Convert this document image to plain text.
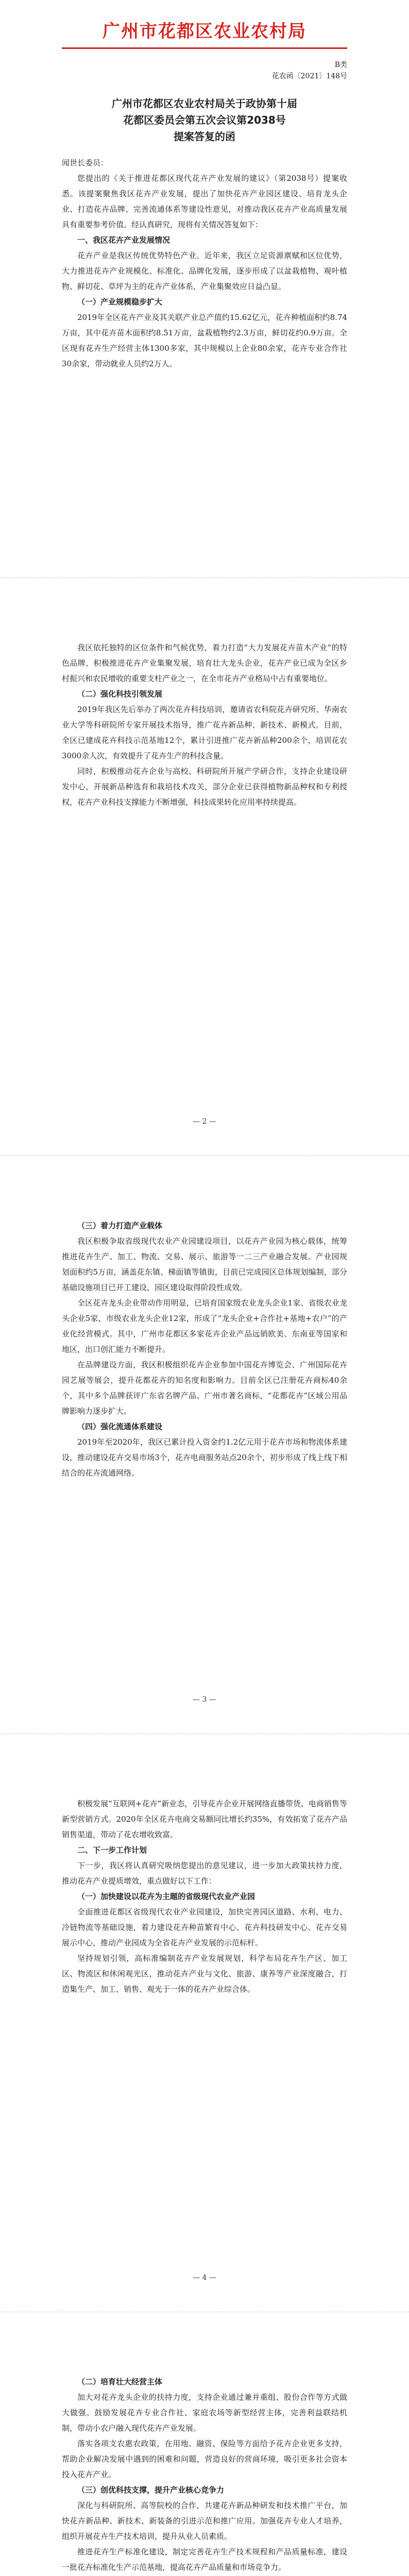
广州市花都区农业农村局
B类
花农函〔2021〕148号
广州市花都区农业农村局关于政协第十届
花都区委员会第五次会议第2038号
提案答复的函

闻世长委员：

您提出的《关于推进花都区现代花卉产业发展的建议》（第2038号）提案收悉。该提案聚焦我区花卉产业发展，提出了加快花卉产业园区建设、培育龙头企业、打造花卉品牌、完善流通体系等建设性意见，对推动我区花卉产业高质量发展具有重要参考价值。经认真研究，现将有关情况答复如下：

一、我区花卉产业发展情况

花卉产业是我区传统优势特色产业。近年来，我区立足资源禀赋和区位优势，大力推进花卉产业规模化、标准化、品牌化发展，逐步形成了以盆栽植物、观叶植物、鲜切花、草坪为主的花卉产业体系，产业集聚效应日益凸显。

（一）产业规模稳步扩大

2019年全区花卉产业及其关联产业总产值约15.62亿元，花卉种植面积约8.74万亩，其中花卉苗木面积约8.51万亩，盆栽植物约2.3万亩，鲜切花约0.9万亩。全区现有花卉生产经营主体1300多家，其中规模以上企业80余家，花卉专业合作社30余家，带动就业人员约2万人。

我区依托独特的区位条件和气候优势，着力打造“大力发展花卉苗木产业”的特色品牌，积极推进花卉产业集聚发展，培育壮大龙头企业，花卉产业已成为全区乡村振兴和农民增收的重要支柱产业之一，在全市花卉产业格局中占有重要地位。

（二）强化科技引领发展

2019年我区先后举办了两次花卉科技培训，邀请省农科院花卉研究所、华南农业大学等科研院所专家开展技术指导，推广花卉新品种、新技术、新模式。目前，全区已建成花卉科技示范基地12个，累计引进推广花卉新品种200余个，培训花农3000余人次，有效提升了花卉生产的科技含量。

同时，积极推动花卉企业与高校、科研院所开展产学研合作，支持企业建设研发中心，开展新品种选育和栽培技术攻关，部分企业已获得植物新品种权和专利授权，花卉产业科技支撑能力不断增强，科技成果转化应用率持续提高。

— 2 —

（三）着力打造产业载体

我区积极争取省级现代农业产业园建设项目，以花卉产业园为核心载体，统筹推进花卉生产、加工、物流、交易、展示、旅游等一二三产业融合发展。产业园规划面积约5万亩，涵盖花东镇、梯面镇等镇街，目前已完成园区总体规划编制，部分基础设施项目已开工建设，园区建设取得阶段性成效。

全区花卉龙头企业带动作用明显，已培育国家级农业龙头企业1家、省级农业龙头企业5家、市级农业龙头企业12家，形成了“龙头企业+合作社+基地+农户”的产业化经营模式。其中，广州市花都区多家花卉企业产品远销欧美、东南亚等国家和地区，出口创汇能力不断提升。

在品牌建设方面，我区积极组织花卉企业参加中国花卉博览会、广州国际花卉园艺展等展会，提升花都花卉的知名度和影响力。目前全区已注册花卉商标40余个，其中多个品牌获评广东省名牌产品、广州市著名商标，“花都花卉”区域公用品牌影响力逐步扩大。

（四）强化流通体系建设

2019年至2020年，我区已累计投入资金约1.2亿元用于花卉市场和物流体系建设，推动建设花卉交易市场3个，花卉电商服务站点20余个，初步形成了线上线下相结合的花卉流通网络。

— 3 —

积极发展“互联网+花卉”新业态，引导花卉企业开展网络直播带货、电商销售等新型营销方式。2020年全区花卉电商交易额同比增长约35%，有效拓宽了花卉产品销售渠道，带动了花农增收致富。

二、下一步工作计划

下一步，我区将认真研究吸纳您提出的意见建议，进一步加大政策扶持力度，推动花卉产业提质增效，重点做好以下工作：

（一）加快建设以花卉为主题的省级现代农业产业园

全面推进花都区省级现代农业产业园建设，加快完善园区道路、水利、电力、冷链物流等基础设施，着力建设花卉种苗繁育中心、花卉科技研发中心、花卉交易展示中心，推动产业园成为全省花卉产业发展的示范标杆。

坚持规划引领，高标准编制花卉产业发展规划，科学布局花卉生产区、加工区、物流区和休闲观光区，推动花卉产业与文化、旅游、康养等产业深度融合，打造集生产、加工、销售、观光于一体的花卉产业综合体。

— 4 —

（二）培育壮大经营主体

加大对花卉龙头企业的扶持力度，支持企业通过兼并重组、股份合作等方式做大做强。鼓励发展花卉专业合作社、家庭农场等新型经营主体，完善利益联结机制，带动小农户融入现代花卉产业发展。

落实各项支农惠农政策，在用地、融资、保险等方面给予花卉企业更多支持，帮助企业解决发展中遇到的困难和问题，营造良好的营商环境，吸引更多社会资本投入花卉产业。

（三）创优科技支撑，提升产业核心竞争力

深化与科研院所、高等院校的合作，共建花卉新品种研发和技术推广平台，加快花卉新品种、新技术、新装备的引进示范和推广应用。加强花卉专业人才培养，组织开展花卉生产技术培训，提升从业人员素质。

推进花卉生产标准化建设，制定完善花卉生产技术规程和产品质量标准，建设一批花卉标准化生产示范基地，提高花卉产品质量和市场竞争力。
